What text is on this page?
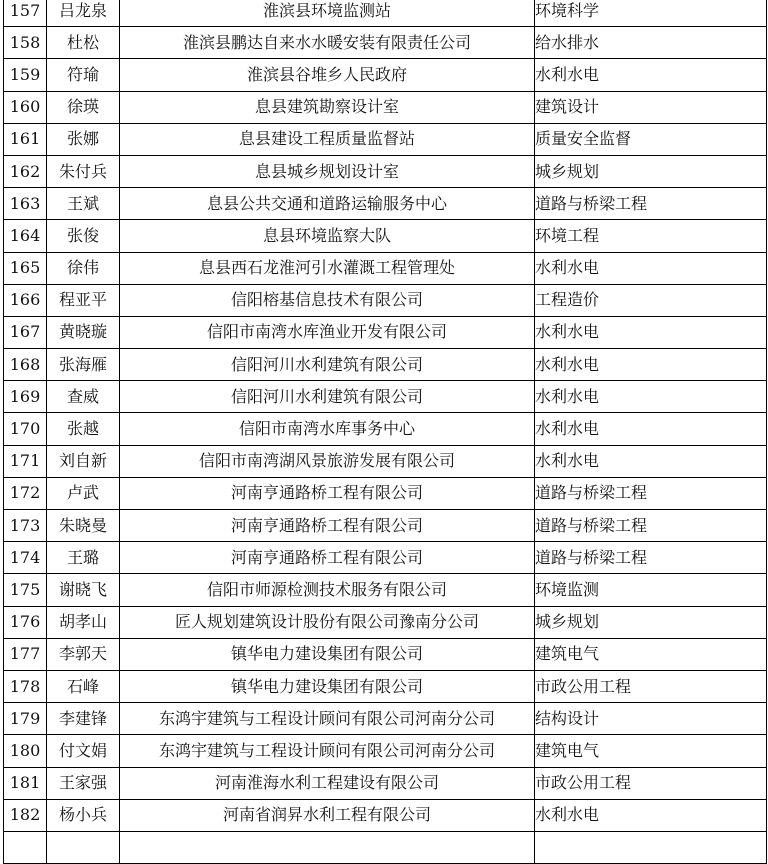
157	吕龙泉	淮滨县环境监测站	环境科学
158	杜松	淮滨县鹏达自来水水暖安装有限责任公司	给水排水
159	符瑜	淮滨县谷堆乡人民政府	水利水电
160	徐瑛	息县建筑勘察设计室	建筑设计
161	张娜	息县建设工程质量监督站	质量安全监督
162	朱付兵	息县城乡规划设计室	城乡规划
163	王斌	息县公共交通和道路运输服务中心	道路与桥梁工程
164	张俊	息县环境监察大队	环境工程
165	徐伟	息县西石龙淮河引水灌溉工程管理处	水利水电
166	程亚平	信阳榕基信息技术有限公司	工程造价
167	黄晓璇	信阳市南湾水库渔业开发有限公司	水利水电
168	张海雁	信阳河川水利建筑有限公司	水利水电
169	查威	信阳河川水利建筑有限公司	水利水电
170	张越	信阳市南湾水库事务中心	水利水电
171	刘自新	信阳市南湾湖风景旅游发展有限公司	水利水电
172	卢武	河南亨通路桥工程有限公司	道路与桥梁工程
173	朱晓曼	河南亨通路桥工程有限公司	道路与桥梁工程
174	王璐	河南亨通路桥工程有限公司	道路与桥梁工程
175	谢晓飞	信阳市师源检测技术服务有限公司	环境监测
176	胡孝山	匠人规划建筑设计股份有限公司豫南分公司	城乡规划
177	李郭天	镇华电力建设集团有限公司	建筑电气
178	石峰	镇华电力建设集团有限公司	市政公用工程
179	李建锋	东鸿宇建筑与工程设计顾问有限公司河南分公司	结构设计
180	付文娟	东鸿宇建筑与工程设计顾问有限公司河南分公司	建筑电气
181	王家强	河南淮海水利工程建设有限公司	市政公用工程
182	杨小兵	河南省润昇水利工程有限公司	水利水电
